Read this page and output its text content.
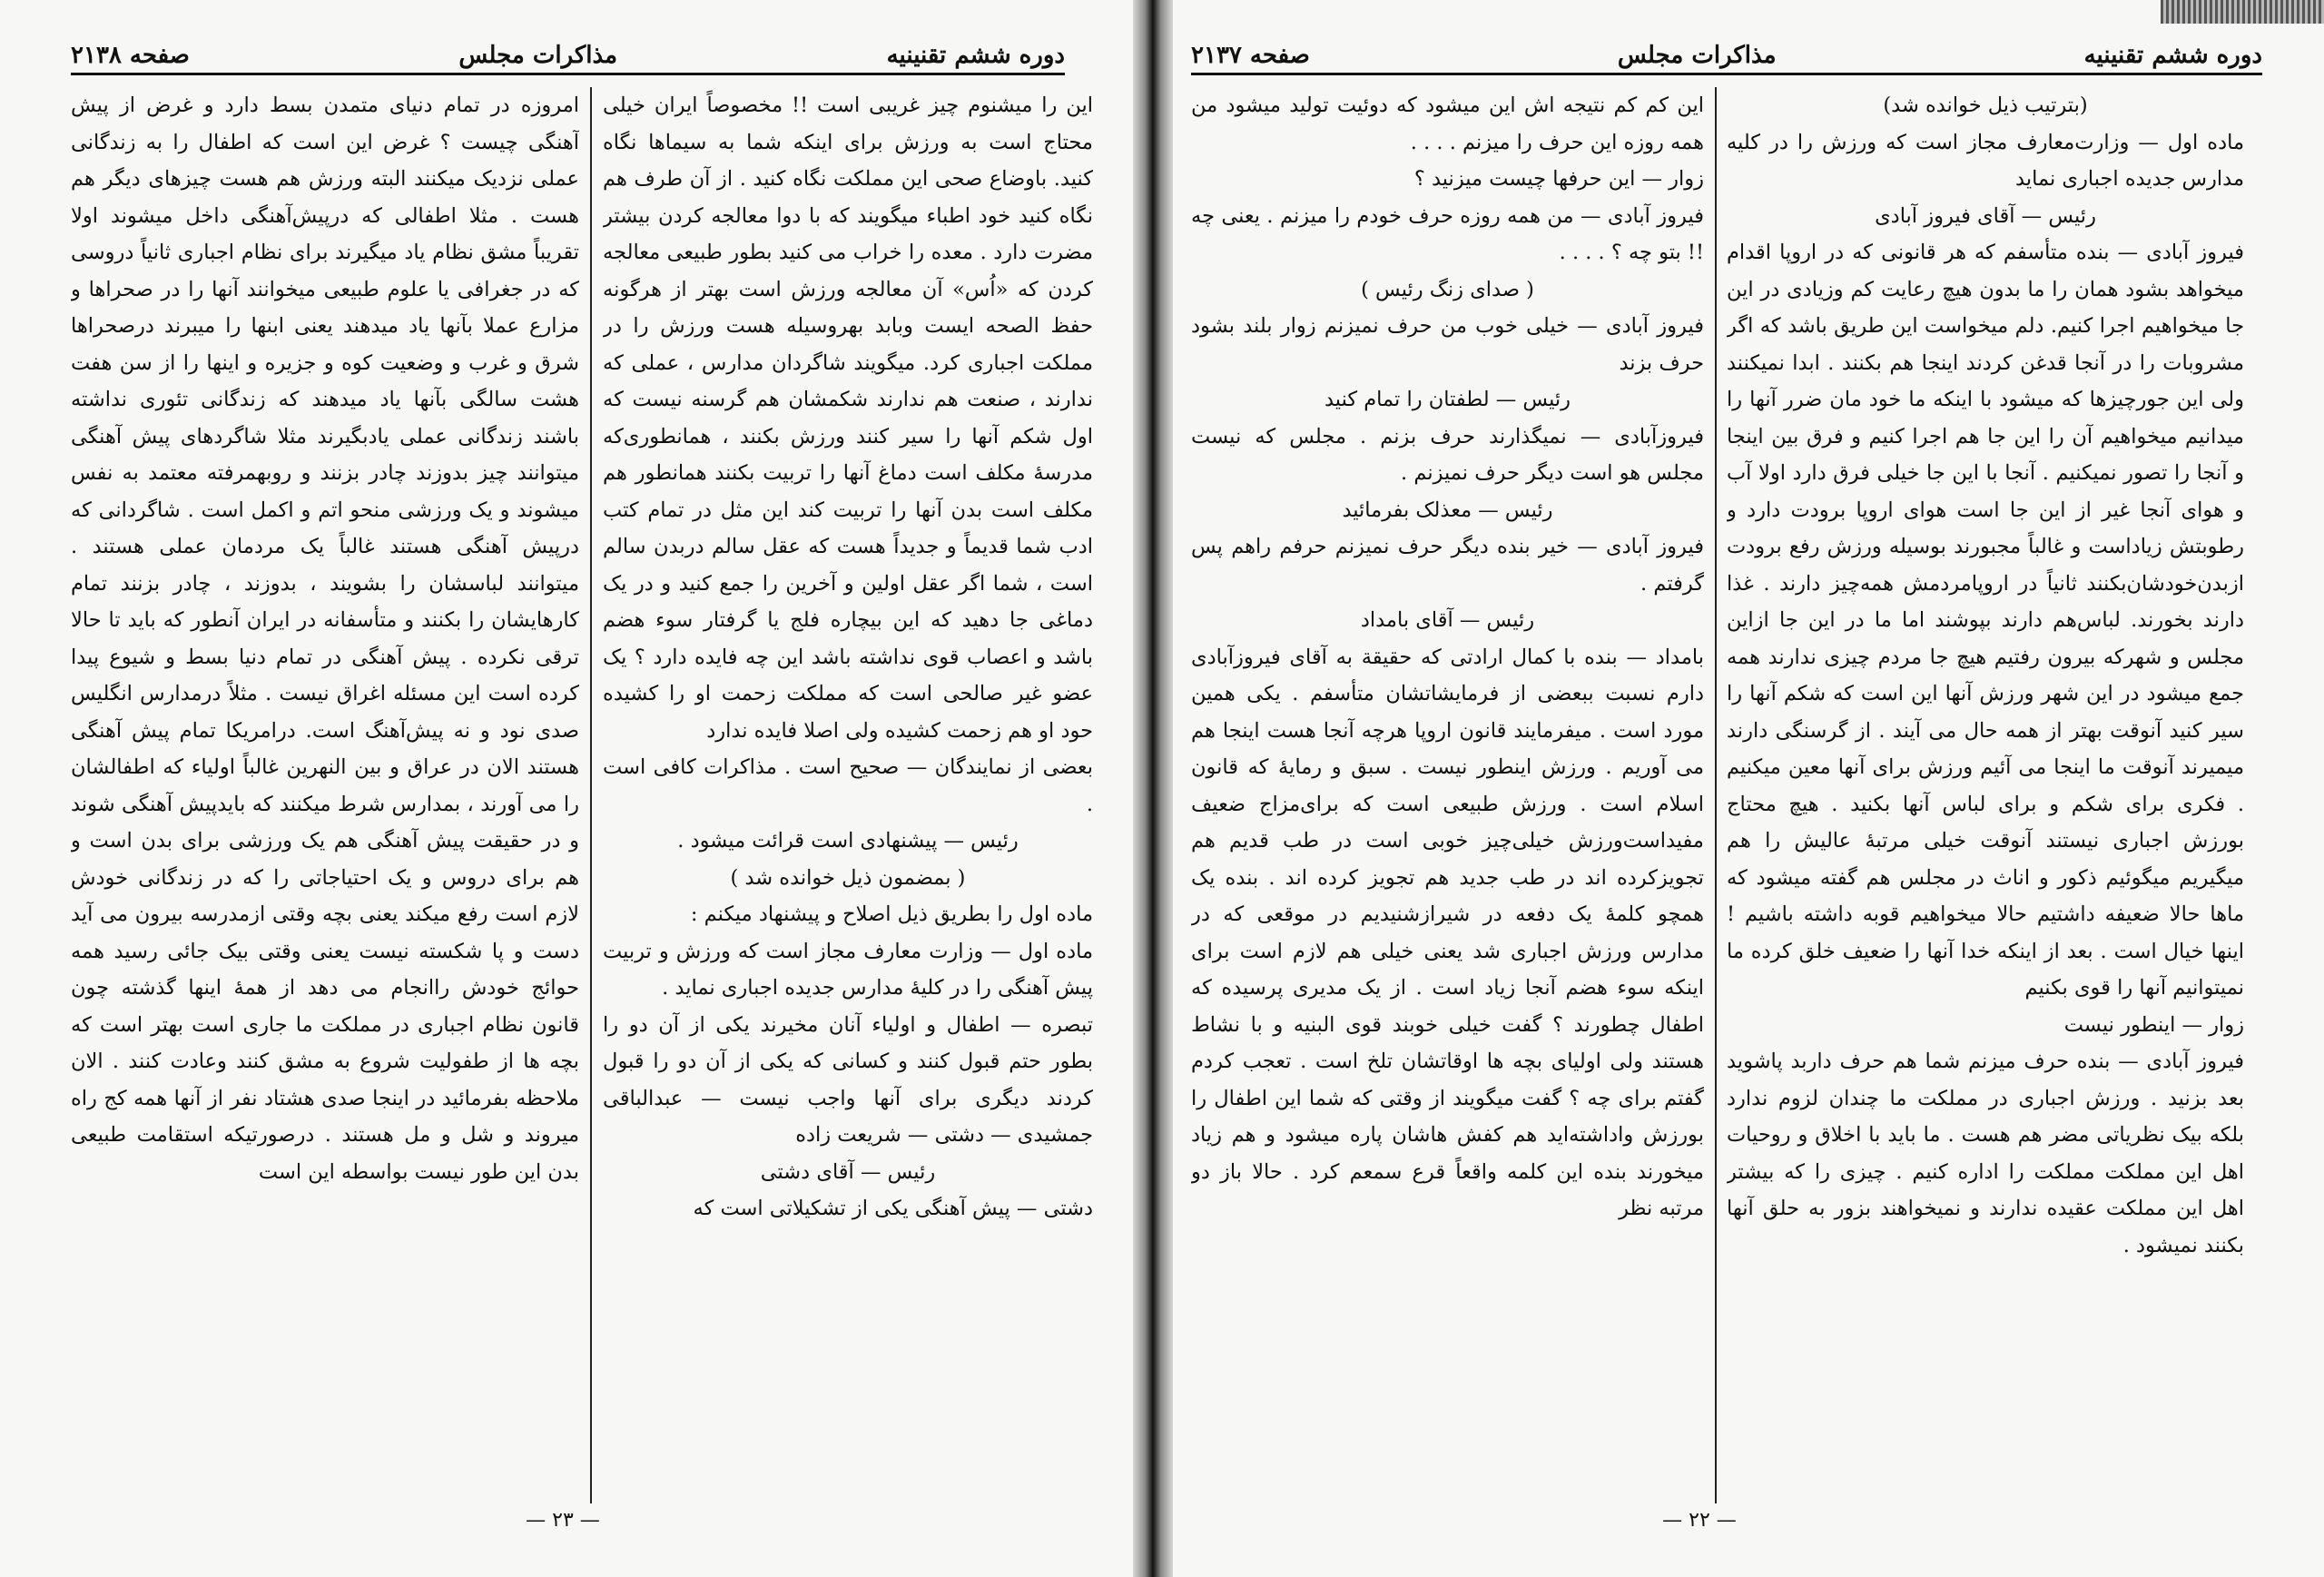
دوره ششم تقنینیه
مذاکرات مجلس
صفحه ۲۱۳۸

این را میشنوم چیز غریبی است !! مخصوصاً ایران خیلی محتاج است به ورزش برای اینکه شما به سیماها نگاه کنید. باوضاع صحی این مملکت نگاه کنید . از آن طرف هم نگاه کنید خود اطباء میگویند که با دوا معالجه کردن بیشتر مضرت دارد . معده را خراب می کنید بطور طبیعی معالجه کردن که «اُس» آن معالجه ورزش است بهتر از هرگونه حفظ الصحه ایست وبابد بهروسیله هست ورزش را در مملکت اجباری کرد. میگویند شاگردان مدارس ، عملی که ندارند ، صنعت هم ندارند شکمشان هم گرسنه نیست که اول شکم آنها را سیر کنند ورزش بکنند ، همانطوری‌که مدرسهٔ مکلف است دماغ آنها را تربیت بکنند همانطور هم مکلف است بدن آنها را تربیت کند این مثل در تمام کتب ادب شما قدیماً و جدیداً هست که عقل سالم دربدن سالم است ، شما اگر عقل اولین و آخرین را جمع کنید و در یک دماغی جا دهید که این بیچاره فلج یا گرفتار سوء هضم باشد و اعصاب قوی نداشته باشد این چه فایده دارد ؟ یک عضو غیر صالحی است که مملکت زحمت او را کشیده حود او هم زحمت کشیده ولی اصلا فایده ندارد

بعضی از نمایندگان — صحیح است . مذاکرات کافی است .

رئیس — پیشنهادی است قرائت میشود .

( بمضمون ذیل خوانده شد )

ماده اول را بطریق ذیل اصلاح و پیشنهاد میکنم :

ماده اول — وزارت معارف مجاز است که ورزش و تربیت پیش آهنگی را در کلیهٔ مدارس جدیده اجباری نماید .

تبصره — اطفال و اولیاء آنان مخیرند یکی از آن دو را بطور حتم قبول کنند و کسانی که یکی از آن دو را قبول کردند دیگری برای آنها واجب نیست — عبدالباقی جمشیدی — دشتی — شریعت زاده

رئیس — آقای دشتی

دشتی — پیش آهنگی یکی از تشکیلاتی است که

امروزه در تمام دنیای متمدن بسط دارد و غرض از پیش آهنگی چیست ؟ غرض این است که اطفال را به زندگانی عملی نزدیک میکنند البته ورزش هم هست چیزهای دیگر هم هست . مثلا اطفالی که درپیش‌آهنگی داخل میشوند اولا تقریباً مشق نظام یاد میگیرند برای نظام اجباری ثانیاً دروسی که در جغرافی یا علوم طبیعی میخوانند آنها را در صحراها و مزارع عملا بآنها یاد میدهند یعنی ابنها را میبرند درصحراها شرق و غرب و وضعیت کوه و جزیره و اینها را از سن هفت هشت سالگی بآنها یاد میدهند که زندگانی تئوری نداشته باشند زندگانی عملی یادبگیرند مثلا شاگردهای پیش آهنگی میتوانند چیز بدوزند چادر بزنند و روبهمرفته معتمد به نفس میشوند و یک ورزشی منحو اتم و اکمل است . شاگردانی که درپیش آهنگی هستند غالباً یک مردمان عملی هستند . میتوانند لباسشان را بشویند ، بدوزند ، چادر بزنند تمام کارهایشان را بکنند و متأسفانه در ایران آنطور که باید تا حالا ترقی نکرده . پیش آهنگی در تمام دنیا بسط و شیوع پیدا کرده است این مسئله اغراق نیست . مثلاً درمدارس انگلیس صدی نود و نه پیش‌آهنگ است. درامریکا تمام پیش آهنگی هستند الان در عراق و بین النهرین غالباً اولیاء که اطفالشان را می آورند ، بمدارس شرط میکنند که بایدپیش آهنگی شوند و در حقیقت پیش آهنگی هم یک ورزشی برای بدن است و هم برای دروس و یک احتیاجاتی را که در زندگانی خودش لازم است رفع میکند یعنی بچه وقتی ازمدرسه بیرون می آید دست و پا شکسته نیست یعنی وقتی بیک جائی رسید همه حوائج خودش راانجام می دهد از همهٔ اینها گذشته چون قانون نظام اجباری در مملکت ما جاری است بهتر است که بچه ها از طفولیت شروع به مشق کنند وعادت کنند . الان ملاحظه بفرمائید در اینجا صدی هشتاد نفر از آنها همه کج راه میروند و شل و مل هستند . درصورتیکه استقامت طبیعی بدن این طور نیست بواسطه این است

— ۲۳ —
دوره ششم تقنینیه
مذاکرات مجلس
صفحه ۲۱۳۷

(بترتیب ذیل خوانده شد)

ماده اول — وزارت‌معارف مجاز است که ورزش را در کلیه مدارس جدیده اجباری نماید

رئیس — آقای فیروز آبادی

فیروز آبادی — بنده متأسفم که هر قانونی که در اروپا اقدام میخواهد بشود همان را ما بدون هیچ رعایت کم وزیادی در این جا میخواهیم اجرا کنیم. دلم میخواست این طریق باشد که اگر مشروبات را در آنجا قدغن کردند اینجا هم بکنند . ابدا نمیکنند ولی این جورچیزها که میشود با اینکه ما خود مان ضرر آنها را میدانیم میخواهیم آن را این جا هم اجرا کنیم و فرق بین اینجا و آنجا را تصور نمیکنیم . آنجا با این جا خیلی فرق دارد اولا آب و هوای آنجا غیر از این جا است هوای اروپا برودت دارد و رطوبتش زیاداست و غالباً مجبورند بوسیله ورزش رفع برودت ازبدن‌خودشان‌بکنند ثانیاً در اروپامردمش همه‌چیز دارند . غذا دارند بخورند. لباس‌هم دارند بپوشند اما ما در این جا ازاین مجلس و شهرکه بیرون رفتیم هیچ جا مردم چیزی ندارند همه جمع میشود در این شهر ورزش آنها این است که شکم آنها را سیر کنید آنوقت بهتر از همه حال می آیند . از گرسنگی دارند میمیرند آنوقت ما اینجا می آئیم ورزش برای آنها معین میکنیم . فکری برای شکم و برای لباس آنها بکنید . هیچ محتاج بورزش اجباری نیستند آنوقت خیلی مرتبهٔ عالیش را هم میگیریم میگوئیم ذکور و اناث در مجلس هم گفته میشود که ماها حالا ضعیفه داشتیم حالا میخواهیم قوبه داشته باشیم ! اینها خیال است . بعد از اینکه خدا آنها را ضعیف خلق کرده ما نمیتوانیم آنها را قوی بکنیم

زوار — اینطور نیست

فیروز آبادی — بنده حرف میزنم شما هم حرف داربد پاشوید بعد بزنید . ورزش اجباری در مملکت ما چندان لزوم ندارد بلکه بیک نظریاتی مضر هم هست . ما باید با اخلاق و روحیات اهل این مملکت مملکت را اداره کنیم . چیزی را که بیشتر اهل این مملکت عقیده ندارند و نمیخواهند بزور به حلق آنها بکنند نمیشود .

این کم کم نتیجه اش این میشود که دوئیت تولید میشود من همه روزه این حرف را میزنم . . . .

زوار — این حرفها چیست میزنید ؟

فیروز آبادی — من همه روزه حرف خودم را میزنم . یعنی چه !! بتو چه ؟ . . . .

( صدای زنگ رئیس )

فیروز آبادی — خیلی خوب من حرف نمیزنم زوار بلند بشود حرف بزند

رئیس — لطفتان را تمام کنید

فیروزآبادی — نمیگذارند حرف بزنم . مجلس که نیست مجلس هو است دیگر حرف نمیزنم .

رئیس — معذلک بفرمائید

فیروز آبادی — خیر بنده دیگر حرف نمیزنم حرفم راهم پس گرفتم .

رئیس — آقای بامداد

بامداد — بنده با کمال ارادتی که حقیقة به آقای فیروزآبادی دارم نسبت ببعضی از فرمایشاتشان متأسفم . یکی همین مورد است . میفرمایند قانون اروپا هرچه آنجا هست اینجا هم می آوریم . ورزش اینطور نیست . سبق و رمایهٔ که قانون اسلام است . ورزش طبیعی است که برای‌مزاج ضعیف مفیداست‌ورزش خیلی‌چیز خوبی است در طب قدیم هم تجویزکرده اند در طب جدید هم تجویز کرده اند . بنده یک همچو کلمهٔ یک دفعه در شیرازشنیدیم در موقعی که در مدارس ورزش اجباری شد یعنی خیلی هم لازم است برای اینکه سوء هضم آنجا زیاد است . از یک مدیری پرسیده که اطفال چطورند ؟ گفت خیلی خوبند قوی البنیه و با نشاط هستند ولی اولیای بچه ها اوقاتشان تلخ است . تعجب کردم گفتم برای چه ؟ گفت میگویند از وقتی که شما این اطفال را بورزش واداشته‌اید هم کفش هاشان پاره میشود و هم زیاد میخورند بنده این کلمه واقعاً قرع سمعم کرد . حالا باز دو مرتبه نظر

— ۲۲ —
